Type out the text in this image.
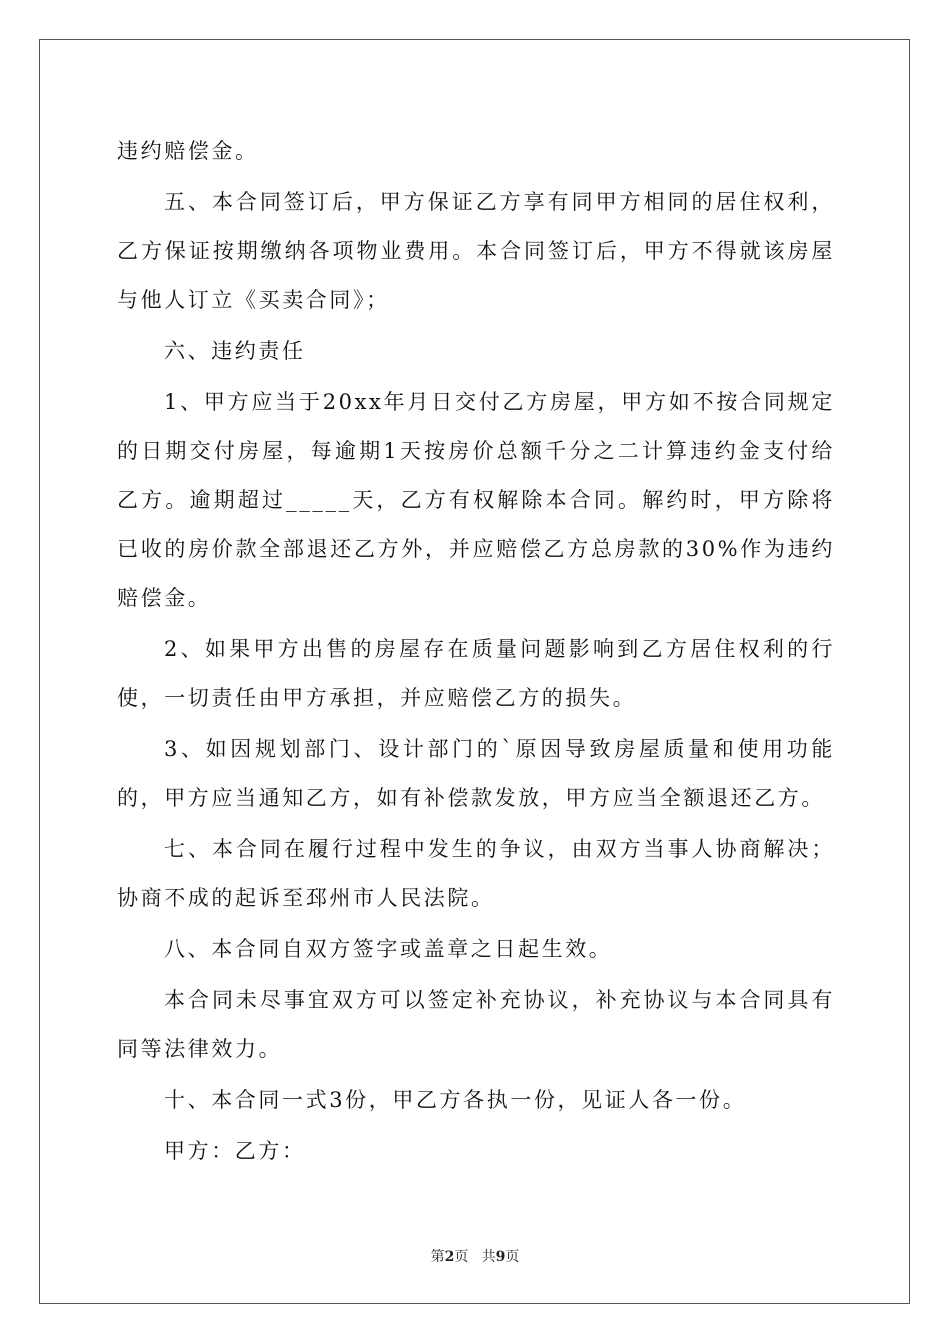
违约赔偿金。

五、本合同签订后，甲方保证乙方享有同甲方相同的居住权利，乙方保证按期缴纳各项物业费用。本合同签订后，甲方不得就该房屋与他人订立《买卖合同》；

六、违约责任

1、甲方应当于20xx年月日交付乙方房屋，甲方如不按合同规定的日期交付房屋，每逾期1天按房价总额千分之二计算违约金支付给乙方。逾期超过_____天，乙方有权解除本合同。解约时，甲方除将已收的房价款全部退还乙方外，并应赔偿乙方总房款的30%作为违约赔偿金。

2、如果甲方出售的房屋存在质量问题影响到乙方居住权利的行使，一切责任由甲方承担，并应赔偿乙方的损失。

3、如因规划部门、设计部门的`原因导致房屋质量和使用功能的，甲方应当通知乙方，如有补偿款发放，甲方应当全额退还乙方。

七、本合同在履行过程中发生的争议，由双方当事人协商解决；协商不成的起诉至邳州市人民法院。

八、本合同自双方签字或盖章之日起生效。

本合同未尽事宜双方可以签定补充协议，补充协议与本合同具有同等法律效力。

十、本合同一式3份，甲乙方各执一份，见证人各一份。

甲方：乙方：

第2页 共9页
